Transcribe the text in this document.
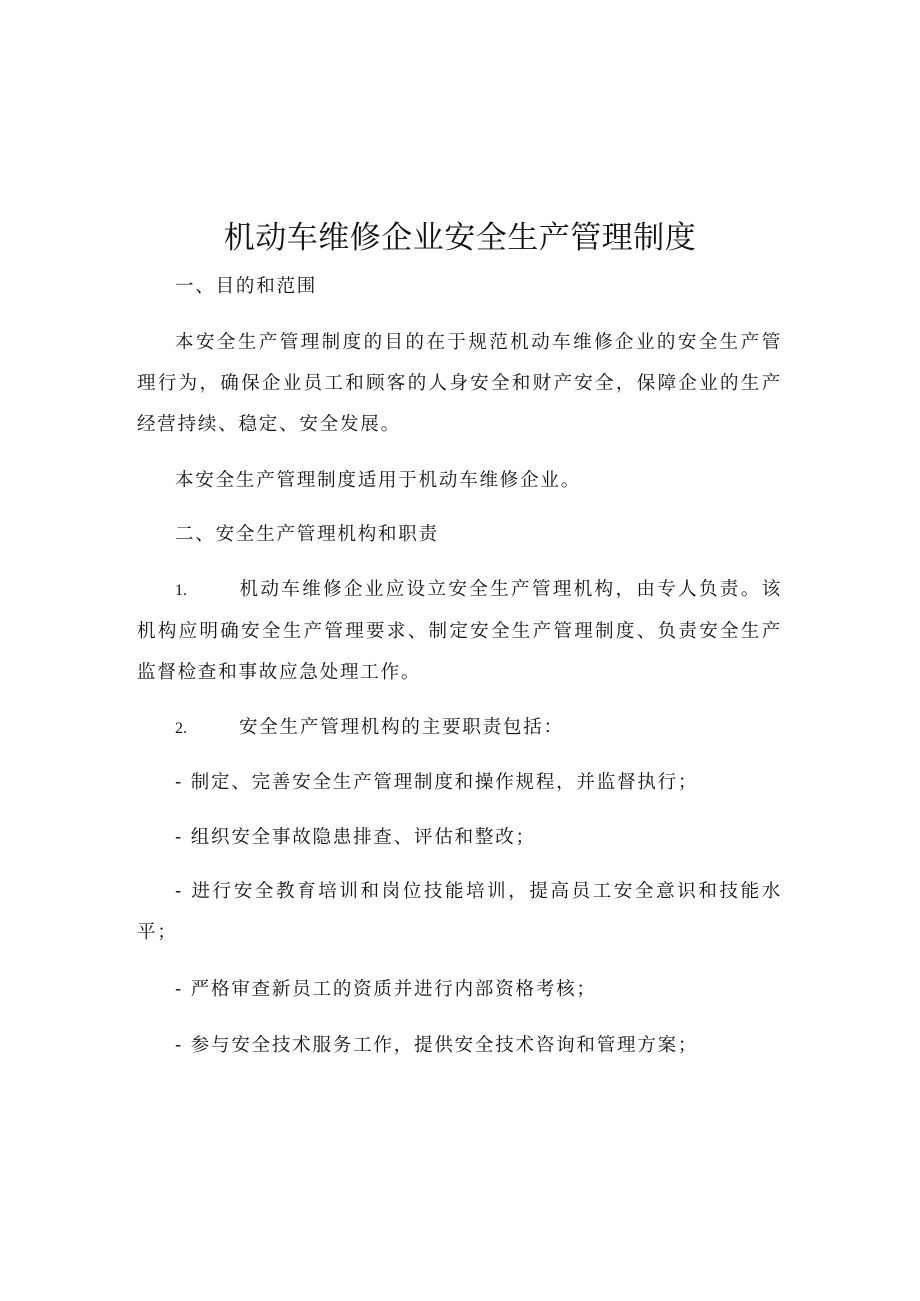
机动车维修企业安全生产管理制度

一、目的和范围

本安全生产管理制度的目的在于规范机动车维修企业的安全生产管理行为，确保企业员工和顾客的人身安全和财产安全，保障企业的生产经营持续、稳定、安全发展。

本安全生产管理制度适用于机动车维修企业。

二、安全生产管理机构和职责

1.	机动车维修企业应设立安全生产管理机构，由专人负责。该机构应明确安全生产管理要求、制定安全生产管理制度、负责安全生产监督检查和事故应急处理工作。

2.	安全生产管理机构的主要职责包括：

- 制定、完善安全生产管理制度和操作规程，并监督执行；

- 组织安全事故隐患排查、评估和整改；

- 进行安全教育培训和岗位技能培训，提高员工安全意识和技能水平；

- 严格审查新员工的资质并进行内部资格考核；

- 参与安全技术服务工作，提供安全技术咨询和管理方案；
